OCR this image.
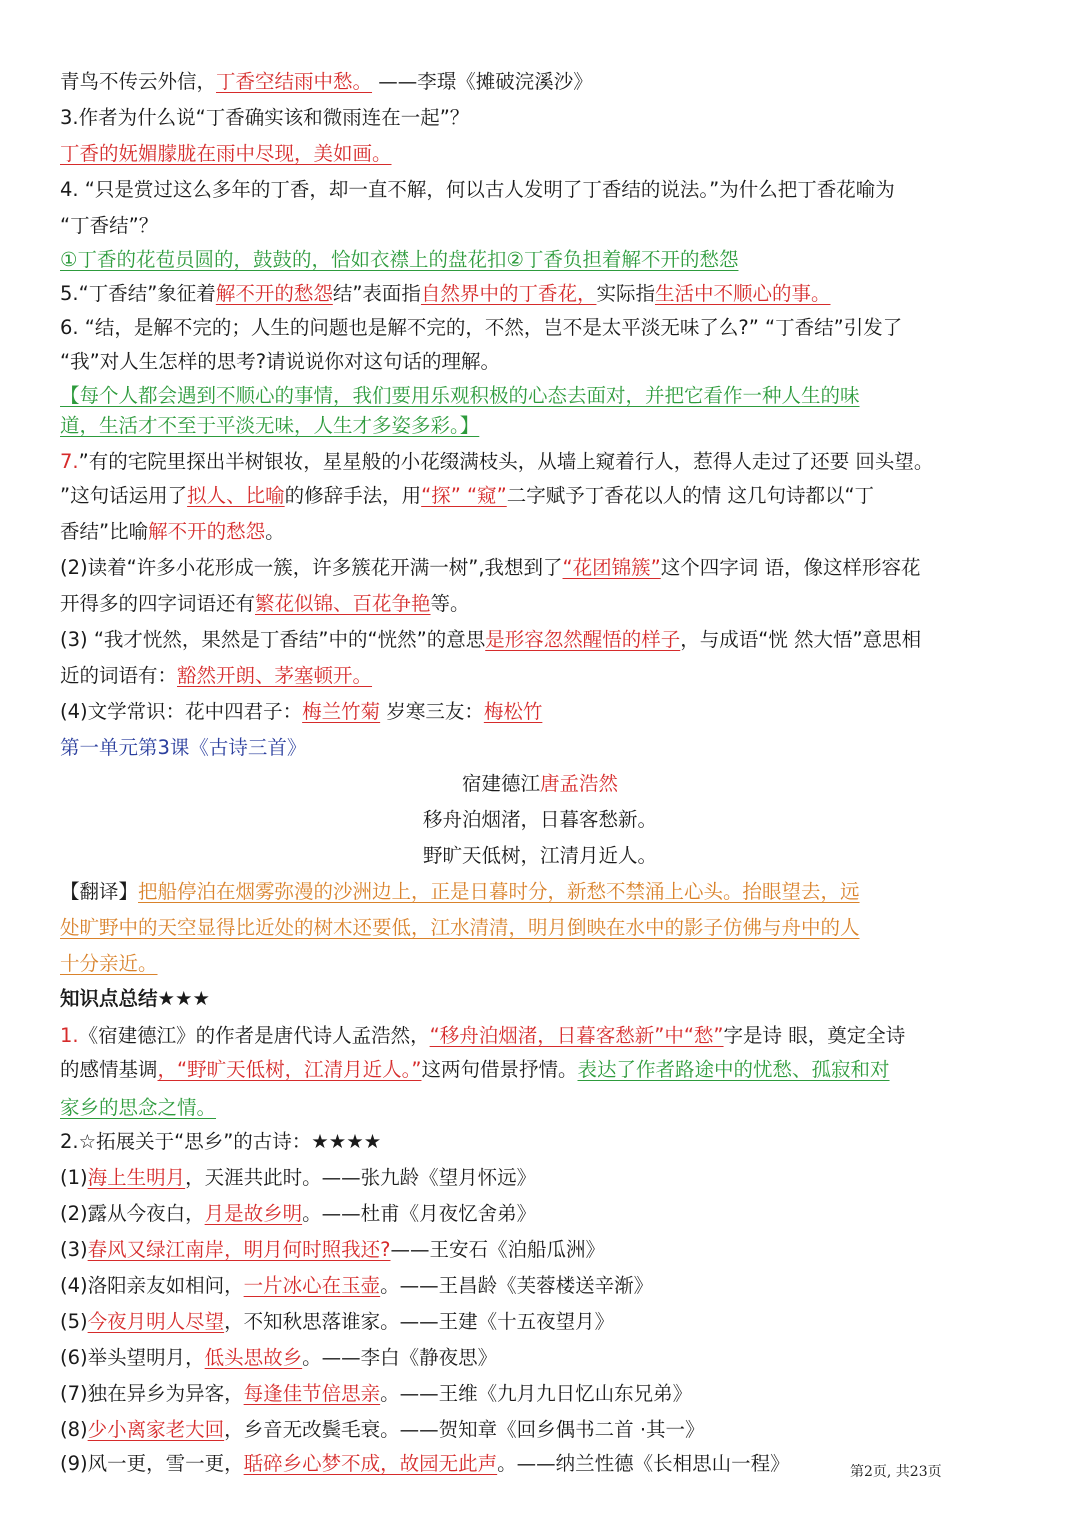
青鸟不传云外信，丁香空结雨中愁。 ——李璟《摊破浣溪沙》
3.作者为什么说“丁香确实该和微雨连在一起”？
丁香的妩媚朦胧在雨中尽现，美如画。
4. “只是赏过这么多年的丁香，却一直不解，何以古人发明了丁香结的说法。”为什么把丁香花喻为
“丁香结”？
①丁香的花苞员圆的，鼓鼓的，恰如衣襟上的盘花扣②丁香负担着解不开的愁怨
5.“丁香结”象征着解不开的愁怨结”表面指自然界中的丁香花，实际指生活中不顺心的事。
6. “结，是解不完的；人生的问题也是解不完的，不然，岂不是太平淡无味了么?” “丁香结”引发了
“我”对人生怎样的思考?请说说你对这句话的理解。
【每个人都会遇到不顺心的事情，我们要用乐观积极的心态去面对，并把它看作一种人生的味
道，生活才不至于平淡无味，人生才多姿多彩。】
7.”有的宅院里探出半树银妆，星星般的小花缀满枝头，从墙上窥着行人，惹得人走过了还要 回头望。
”这句话运用了拟人、比喻的修辞手法，用“探” “窥”二字赋予丁香花以人的情 这几句诗都以“丁
香结”比喻解不开的愁怨。
(2)读着“许多小花形成一簇，许多簇花开满一树”,我想到了“花团锦簇”这个四字词 语，像这样形容花
开得多的四字词语还有繁花似锦、百花争艳等。
(3) “我才恍然，果然是丁香结”中的“恍然”的意思是形容忽然醒悟的样子，与成语“恍 然大悟”意思相
近的词语有：豁然开朗、茅塞顿开。
(4)文学常识：花中四君子：梅兰竹菊 岁寒三友：梅松竹
第一单元第3课《古诗三首》
宿建德江唐孟浩然
移舟泊烟渚，日暮客愁新。
野旷天低树，江清月近人。
【翻译】把船停泊在烟雾弥漫的沙洲边上，正是日暮时分，新愁不禁涌上心头。抬眼望去，远
处旷野中的天空显得比近处的树木还要低，江水清清，明月倒映在水中的影子仿佛与舟中的人
十分亲近。
知识点总结★★★
1.《宿建德江》的作者是唐代诗人孟浩然，“移舟泊烟渚，日暮客愁新”中“愁”字是诗 眼，奠定全诗
的感情基调，“野旷天低树，江清月近人。”这两句借景抒情。表达了作者路途中的忧愁、孤寂和对
家乡的思念之情。
2.☆拓展关于“思乡”的古诗：★★★★
(1)海上生明月，天涯共此时。——张九龄《望月怀远》
(2)露从今夜白，月是故乡明。——杜甫《月夜忆舍弟》
(3)春风又绿江南岸，明月何时照我还?——王安石《泊船瓜洲》
(4)洛阳亲友如相问，一片冰心在玉壶。——王昌龄《芙蓉楼送辛渐》
(5)今夜月明人尽望，不知秋思落谁家。——王建《十五夜望月》
(6)举头望明月，低头思故乡。——李白《静夜思》
(7)独在异乡为异客，每逢佳节倍思亲。——王维《九月九日忆山东兄弟》
(8)少小离家老大回，乡音无改鬓毛衰。——贺知章《回乡偶书二首 ·其一》
(9)风一更，雪一更，聒碎乡心梦不成，故园无此声。——纳兰性德《长相思山一程》	第2页, 共23页
